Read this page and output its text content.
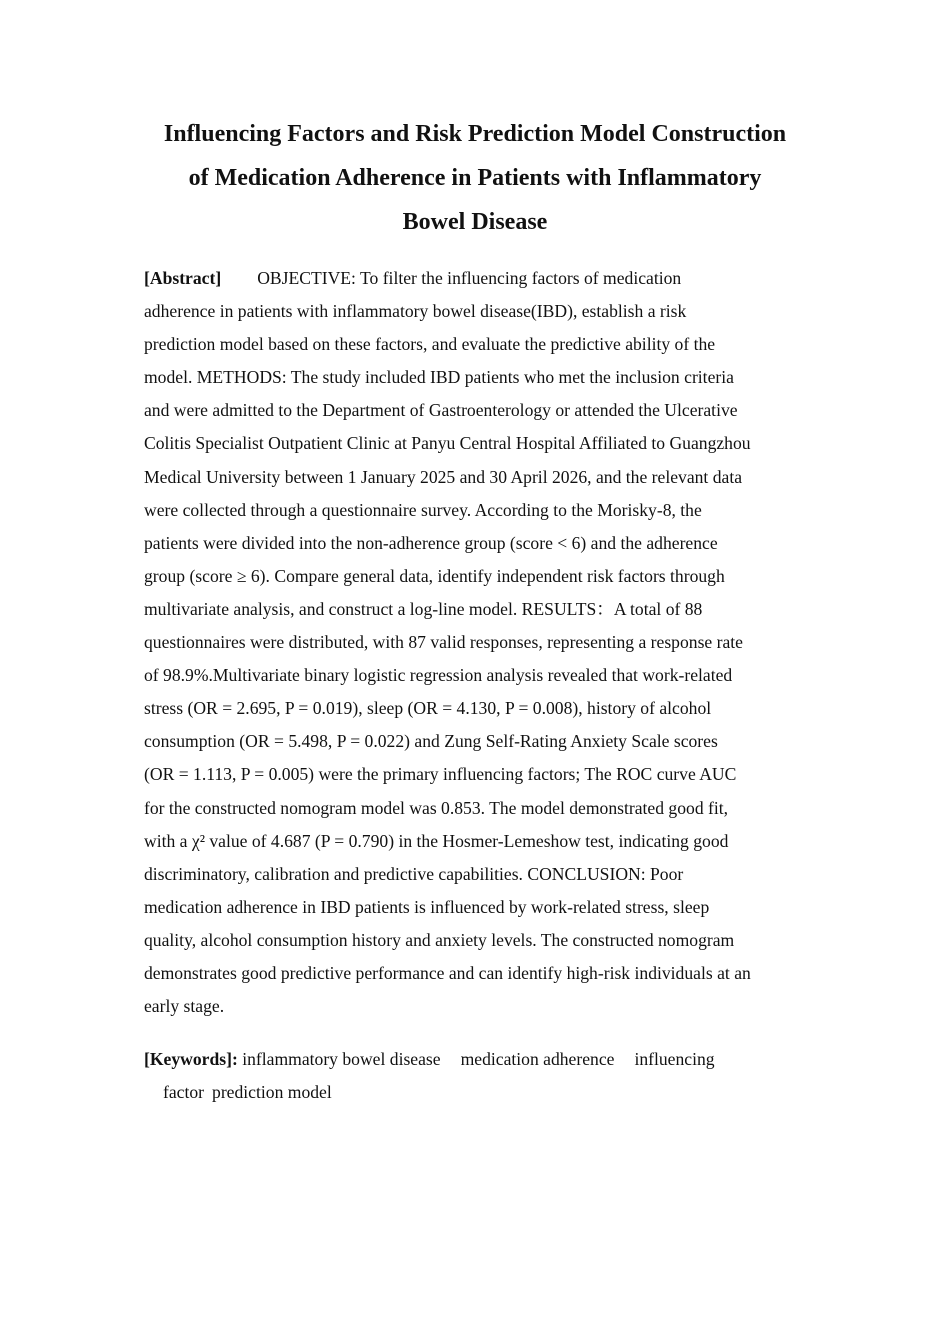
Influencing Factors and Risk Prediction Model Construction
of Medication Adherence in Patients with Inflammatory
Bowel Disease
[Abstract] OBJECTIVE: To filter the influencing factors of medication
adherence in patients with inflammatory bowel disease(IBD), establish a risk
prediction model based on these factors, and evaluate the predictive ability of the
model. METHODS: The study included IBD patients who met the inclusion criteria
and were admitted to the Department of Gastroenterology or attended the Ulcerative
Colitis Specialist Outpatient Clinic at Panyu Central Hospital Affiliated to Guangzhou
Medical University between 1 January 2025 and 30 April 2026, and the relevant data
were collected through a questionnaire survey. According to the Morisky-8, the
patients were divided into the non-adherence group (score < 6) and the adherence
group (score ≥ 6). Compare general data, identify independent risk factors through
multivariate analysis, and construct a log-line model. RESULTS：A total of 88
questionnaires were distributed, with 87 valid responses, representing a response rate
of 98.9%.Multivariate binary logistic regression analysis revealed that work-related
stress (OR = 2.695, P = 0.019), sleep (OR = 4.130, P = 0.008), history of alcohol
consumption (OR = 5.498, P = 0.022) and Zung Self-Rating Anxiety Scale scores
(OR = 1.113, P = 0.005) were the primary influencing factors; The ROC curve AUC
for the constructed nomogram model was 0.853. The model demonstrated good fit,
with a χ² value of 4.687 (P = 0.790) in the Hosmer-Lemeshow test, indicating good
discriminatory, calibration and predictive capabilities. CONCLUSION: Poor
medication adherence in IBD patients is influenced by work-related stress, sleep
quality, alcohol consumption history and anxiety levels. The constructed nomogram
demonstrates good predictive performance and can identify high-risk individuals at an
early stage.
[Keywords]: inflammatory bowel disease medication adherence influencing
factor prediction model
